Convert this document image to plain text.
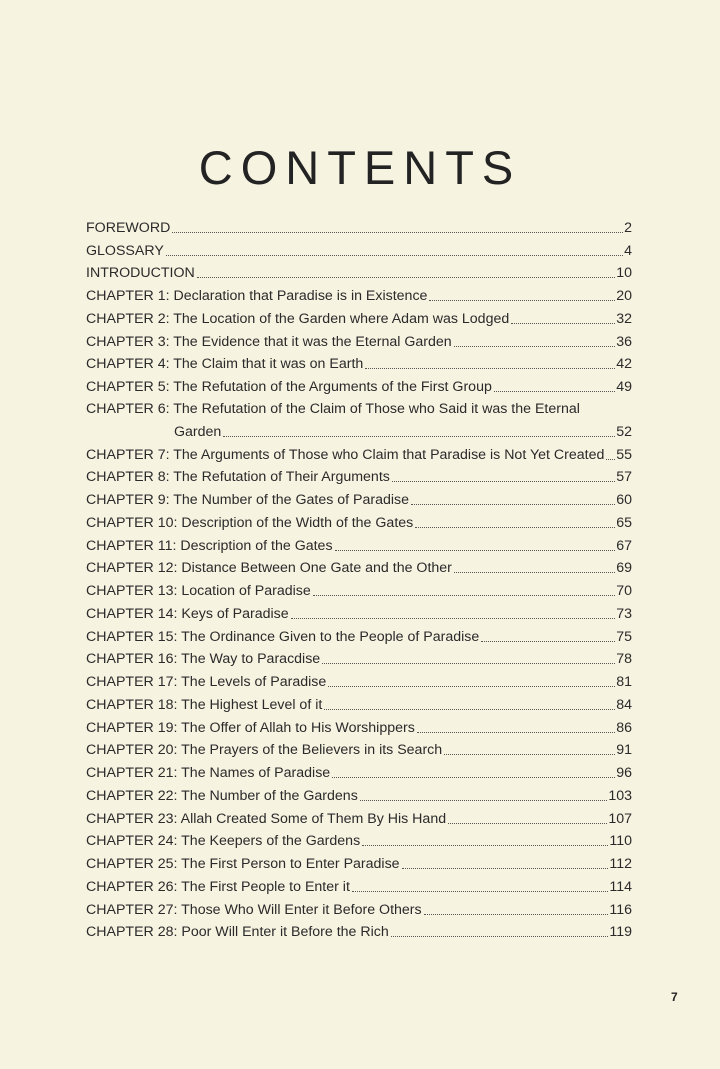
CONTENTS
FOREWORD	2
GLOSSARY	4
INTRODUCTION	10
CHAPTER 1: Declaration that Paradise is in Existence	20
CHAPTER 2: The Location of the Garden where Adam was Lodged	32
CHAPTER 3: The Evidence that it was the Eternal Garden	36
CHAPTER 4: The Claim that it was on Earth	42
CHAPTER 5: The Refutation of the Arguments of the First Group	49
CHAPTER 6: The Refutation of the Claim of Those who Said it was the Eternal
Garden	52
CHAPTER 7: The Arguments of Those who Claim that Paradise is Not Yet Created 55
CHAPTER 8: The Refutation of Their Arguments	57
CHAPTER 9: The Number of the Gates of Paradise	60
CHAPTER 10: Description of the Width of the Gates	65
CHAPTER 11: Description of the Gates	67
CHAPTER 12: Distance Between One Gate and the Other	69
CHAPTER 13: Location of Paradise	70
CHAPTER 14: Keys of Paradise	73
CHAPTER 15: The Ordinance Given to the People of Paradise	75
CHAPTER 16: The Way to Paracdise	78
CHAPTER 17: The Levels of Paradise	81
CHAPTER 18: The Highest Level of it	84
CHAPTER 19: The Offer of Allah to His Worshippers	86
CHAPTER 20: The Prayers of the Believers in its Search	91
CHAPTER 21: The Names of Paradise	96
CHAPTER 22: The Number of the Gardens	103
CHAPTER 23: Allah Created Some of Them By His Hand	107
CHAPTER 24: The Keepers of the Gardens	110
CHAPTER 25: The First Person to Enter Paradise	112
CHAPTER 26: The First People to Enter it	114
CHAPTER 27: Those Who Will Enter it Before Others	116
CHAPTER 28: Poor Will Enter it Before the Rich	119
7
